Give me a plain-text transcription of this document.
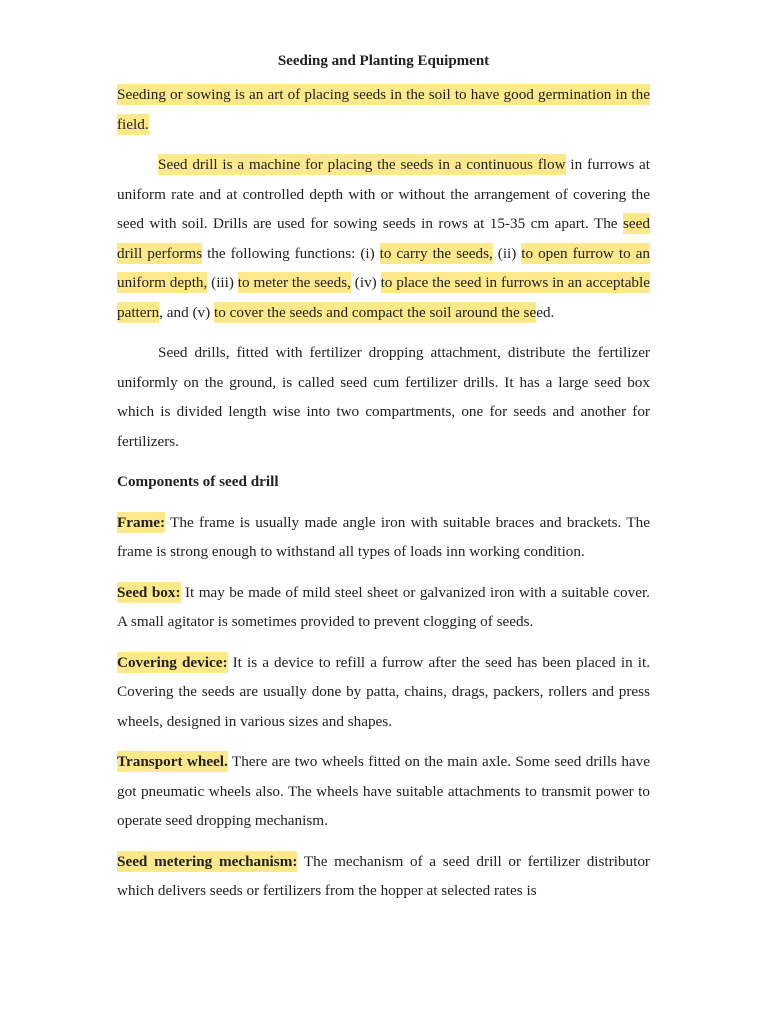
Seeding and Planting Equipment

Seeding or sowing is an art of placing seeds in the soil to have good germination in the field.

Seed drill is a machine for placing the seeds in a continuous flow in furrows at uniform rate and at controlled depth with or without the arrangement of covering the seed with soil. Drills are used for sowing seeds in rows at 15-35 cm apart. The seed drill performs the following functions: (i) to carry the seeds, (ii) to open furrow to an uniform depth, (iii) to meter the seeds, (iv) to place the seed in furrows in an acceptable pattern, and (v) to cover the seeds and compact the soil around the seed.

Seed drills, fitted with fertilizer dropping attachment, distribute the fertilizer uniformly on the ground, is called seed cum fertilizer drills. It has a large seed box which is divided length wise into two compartments, one for seeds and another for fertilizers.

Components of seed drill

Frame: The frame is usually made angle iron with suitable braces and brackets. The frame is strong enough to withstand all types of loads inn working condition.

Seed box: It may be made of mild steel sheet or galvanized iron with a suitable cover. A small agitator is sometimes provided to prevent clogging of seeds.

Covering device: It is a device to refill a furrow after the seed has been placed in it. Covering the seeds are usually done by patta, chains, drags, packers, rollers and press wheels, designed in various sizes and shapes.

Transport wheel. There are two wheels fitted on the main axle. Some seed drills have got pneumatic wheels also. The wheels have suitable attachments to transmit power to operate seed dropping mechanism.

Seed metering mechanism: The mechanism of a seed drill or fertilizer distributor which delivers seeds or fertilizers from the hopper at selected rates is
